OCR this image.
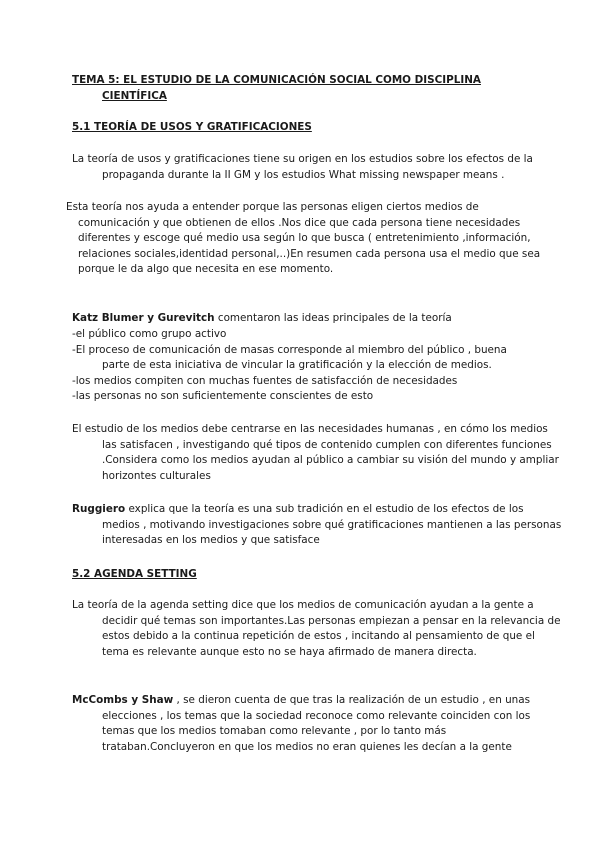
TEMA 5: EL ESTUDIO DE LA COMUNICACIÓN SOCIAL COMO DISCIPLINA
CIENTÍFICA
5.1 TEORÍA DE USOS Y GRATIFICACIONES

La teoría de usos y gratificaciones tiene su origen en los estudios sobre los efectos de la propaganda durante la II GM y los estudios What missing newspaper means .

Esta teoría nos ayuda a entender porque las personas eligen ciertos medios de comunicación y que obtienen de ellos .Nos dice que cada persona tiene necesidades diferentes y escoge qué medio usa según lo que busca ( entretenimiento ,información, relaciones sociales,identidad personal,..)En resumen cada persona usa el medio que sea porque le da algo que necesita en ese momento.

Katz Blumer y Gurevitch comentaron las ideas principales de la teoría

-el público como grupo activo
-El proceso de comunicación de masas corresponde al miembro del público , buena parte de esta iniciativa de vincular la gratificación y la elección de medios.
-los medios compiten con muchas fuentes de satisfacción de necesidades
-las personas no son suficientemente conscientes de esto

El estudio de los medios debe centrarse en las necesidades humanas , en cómo los medios las satisfacen , investigando qué tipos de contenido cumplen con diferentes funciones .Considera como los medios ayudan al público a cambiar su visión del mundo y ampliar horizontes culturales

Ruggiero explica que la teoría es una sub tradición en el estudio de los efectos de los medios , motivando investigaciones sobre qué gratificaciones mantienen a las personas interesadas en los medios y que satisface

5.2 AGENDA SETTING

La teoría de la agenda setting dice que los medios de comunicación ayudan a la gente a decidir qué temas son importantes.Las personas empiezan a pensar en la relevancia de estos debido a la continua repetición de estos , incitando al pensamiento de que el tema es relevante aunque esto no se haya afirmado de manera directa.

McCombs y Shaw , se dieron cuenta de que tras la realización de un estudio , en unas elecciones , los temas que la sociedad reconoce como relevante coinciden con los temas que los medios tomaban como relevante , por lo tanto más trataban.Concluyeron en que los medios no eran quienes les decían a la gente
